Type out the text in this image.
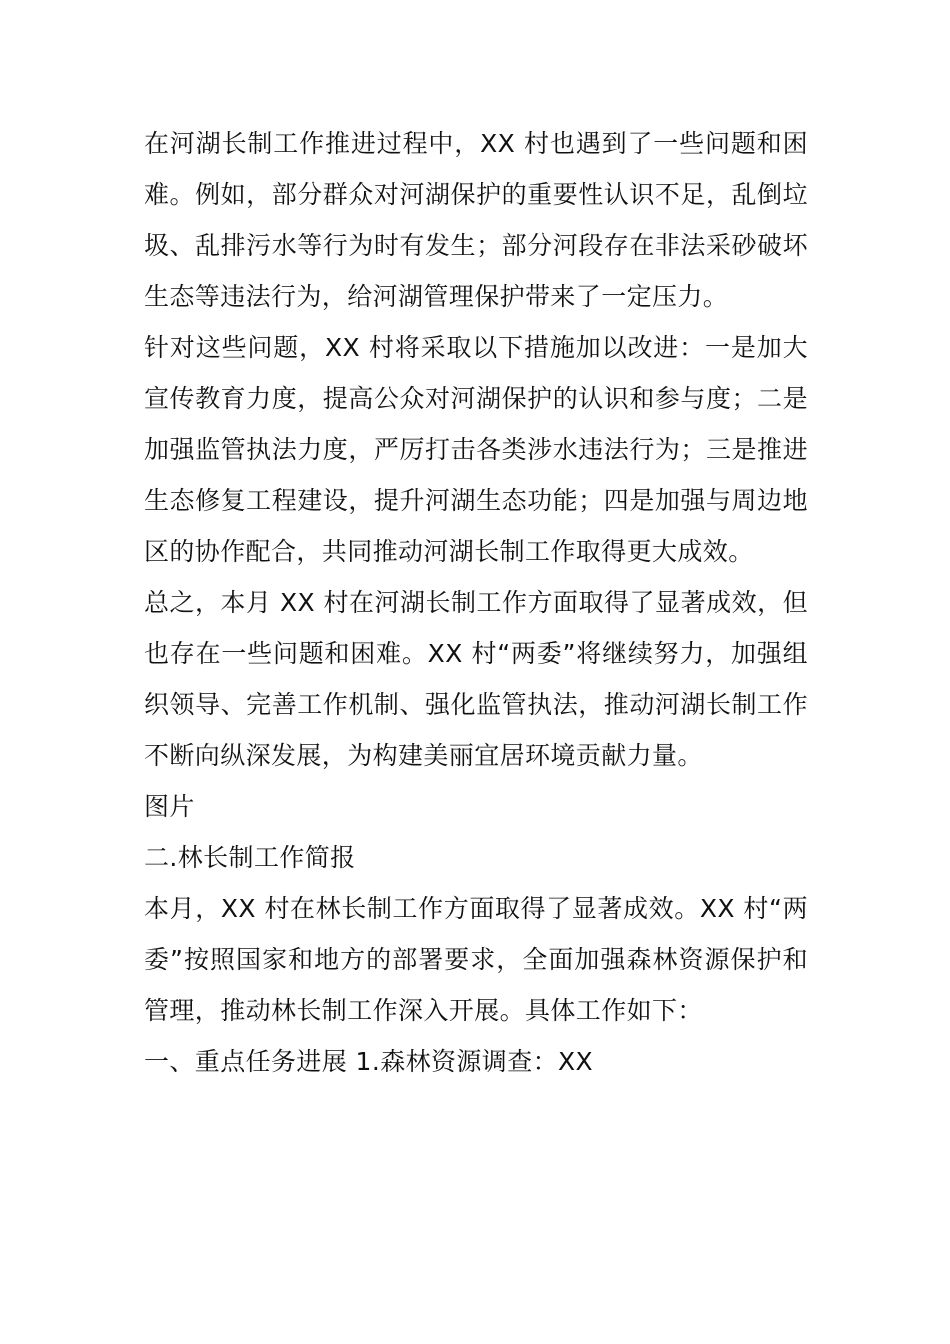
在河湖长制工作推进过程中，XX 村也遇到了一些问题和困难。例如，部分群众对河湖保护的重要性认识不足，乱倒垃圾、乱排污水等行为时有发生；部分河段存在非法采砂破坏生态等违法行为，给河湖管理保护带来了一定压力。

针对这些问题，XX 村将采取以下措施加以改进：一是加大宣传教育力度，提高公众对河湖保护的认识和参与度；二是加强监管执法力度，严厉打击各类涉水违法行为；三是推进生态修复工程建设，提升河湖生态功能；四是加强与周边地区的协作配合，共同推动河湖长制工作取得更大成效。

总之，本月 XX 村在河湖长制工作方面取得了显著成效，但也存在一些问题和困难。XX 村“两委”将继续努力，加强组织领导、完善工作机制、强化监管执法，推动河湖长制工作不断向纵深发展，为构建美丽宜居环境贡献力量。

图片

二.林长制工作简报

本月，XX 村在林长制工作方面取得了显著成效。XX 村“两委”按照国家和地方的部署要求，全面加强森林资源保护和管理，推动林长制工作深入开展。具体工作如下：

一、重点任务进展 1.森林资源调查：XX
